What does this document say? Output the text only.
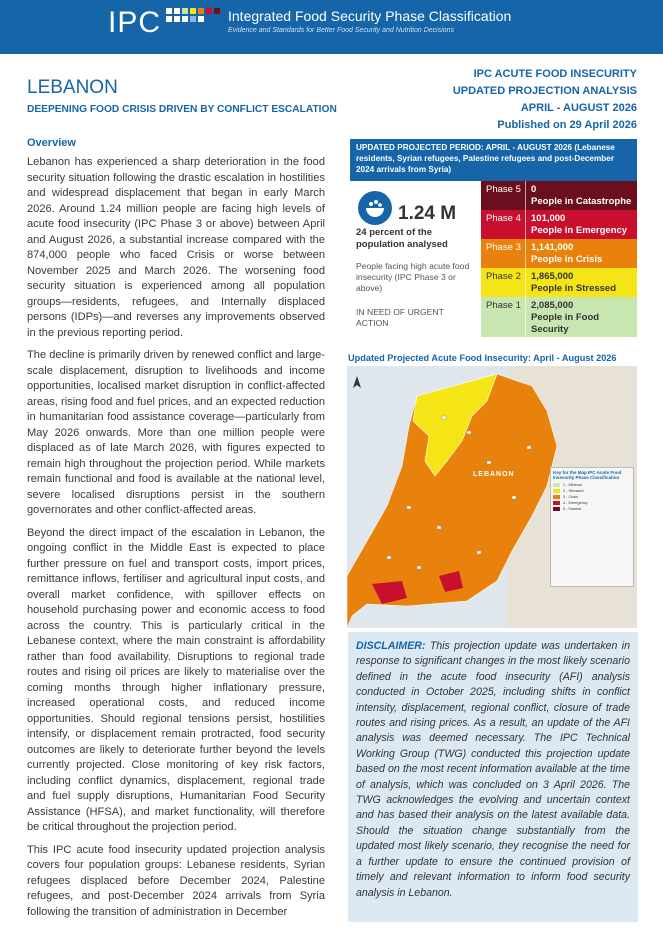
IPC	Integrated Food Security Phase Classification
Evidence and Standards for Better Food Security and Nutrition Decisions
LEBANON
DEEPENING FOOD CRISIS DRIVEN BY CONFLICT ESCALATION
IPC ACUTE FOOD INSECURITY
UPDATED PROJECTION ANALYSIS
APRIL - AUGUST 2026
Published on 29 April 2026
Overview

Lebanon has experienced a sharp deterioration in the food security situation following the drastic escalation in hostilities and widespread displacement that began in early March 2026. Around 1.24 million people are facing high levels of acute food insecurity (IPC Phase 3 or above) between April and August 2026, a substantial increase compared with the 874,000 people who faced Crisis or worse between November 2025 and March 2026. The worsening food security situation is experienced among all population groups—residents, refugees, and Internally displaced persons (IDPs)—and reverses any improvements observed in the previous reporting period.

The decline is primarily driven by renewed conflict and large-scale displacement, disruption to livelihoods and income opportunities, localised market disruption in conflict-affected areas, rising food and fuel prices, and an expected reduction in humanitarian food assistance coverage—particularly from May 2026 onwards. More than one million people were displaced as of late March 2026, with figures expected to remain high throughout the projection period. While markets remain functional and food is available at the national level, severe localised disruptions persist in the southern governorates and other conflict-affected areas.

Beyond the direct impact of the escalation in Lebanon, the ongoing conflict in the Middle East is expected to place further pressure on fuel and transport costs, import prices, remittance inflows, fertiliser and agricultural input costs, and overall market confidence, with spillover effects on household purchasing power and economic access to food across the country. This is particularly critical in the Lebanese context, where the main constraint is affordability rather than food availability. Disruptions to regional trade routes and rising oil prices are likely to materialise over the coming months through higher inflationary pressure, increased operational costs, and reduced income opportunities. Should regional tensions persist, hostilities intensify, or displacement remain protracted, food security outcomes are likely to deteriorate further beyond the levels currently projected. Close monitoring of key risk factors, including conflict dynamics, displacement, regional trade and fuel supply disruptions, Humanitarian Food Security Assistance (HFSA), and market functionality, will therefore be critical throughout the projection period.

This IPC acute food insecurity updated projection analysis covers four population groups: Lebanese residents, Syrian refugees displaced before December 2024, Palestine refugees, and post-December 2024 arrivals from Syria following the transition of administration in December

UPDATED PROJECTED PERIOD: APRIL - AUGUST 2026 (Lebanese residents, Syrian refugees, Palestine refugees and post-December 2024 arrivals from Syria)
1.24 M
24 percent of the population analysed
People facing high acute food insecurity (IPC Phase 3 or above)
IN NEED OF URGENT ACTION
Phase 5	0
People in Catastrophe
Phase 4	101,000
People in Emergency
Phase 3	1,141,000
People in Crisis
Phase 2	1,865,000
People in Stressed
Phase 1	2,085,000
People in Food Security
Updated Projected Acute Food Insecurity: April - August 2026
LEBANON	Key for the Map IPC Acute Food Insecurity Phase Classification
1 - Minimal
2 - Stressed
3 - Crisis
4 - Emergency
5 - Famine
DISCLAIMER: This projection update was undertaken in response to significant changes in the most likely scenario defined in the acute food insecurity (AFI) analysis conducted in October 2025, including shifts in conflict intensity, displacement, regional conflict, closure of trade routes and rising prices. As a result, an update of the AFI analysis was deemed necessary. The IPC Technical Working Group (TWG) conducted this projection update based on the most recent information available at the time of analysis, which was concluded on 3 April 2026. The TWG acknowledges the evolving and uncertain context and has based their analysis on the latest available data. Should the situation change substantially from the updated most likely scenario, they recognise the need for a further update to ensure the continued provision of timely and relevant information to inform food security analysis in Lebanon.
